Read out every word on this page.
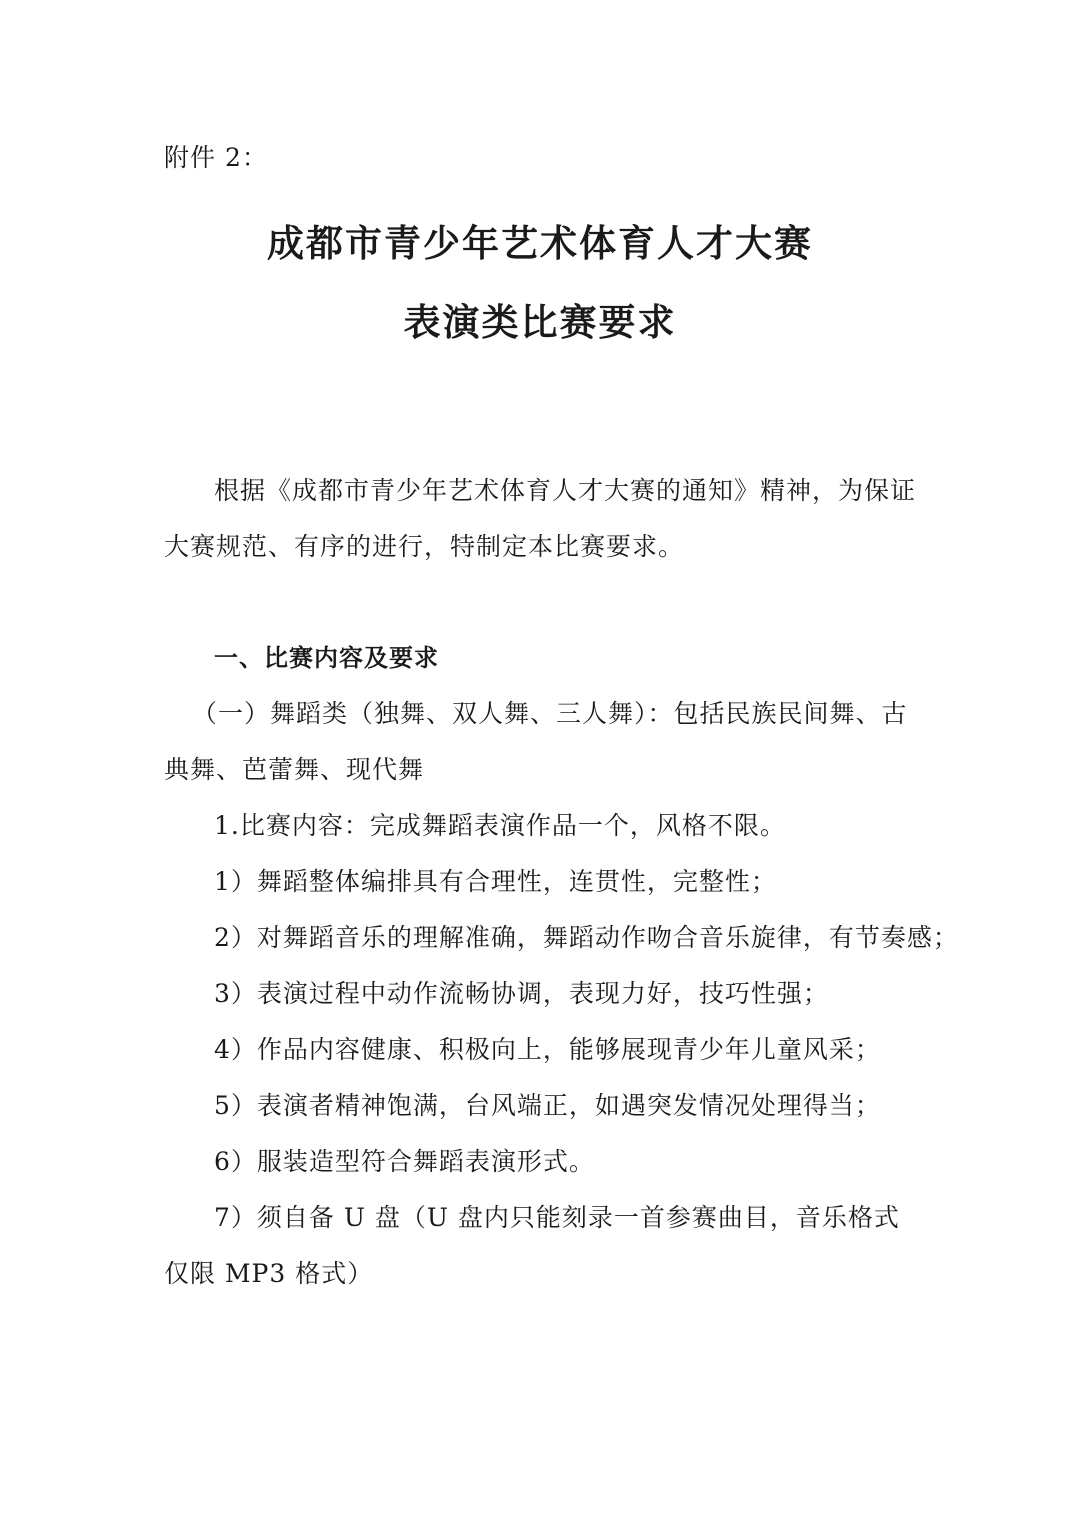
附件 2：
成都市青少年艺术体育人才大赛
表演类比赛要求

根据《成都市青少年艺术体育人才大赛的通知》精神，为保证大赛规范、有序的进行，特制定本比赛要求。

一、比赛内容及要求

（一）舞蹈类（独舞、双人舞、三人舞）：包括民族民间舞、古典舞、芭蕾舞、现代舞

1.比赛内容：完成舞蹈表演作品一个，风格不限。

1）舞蹈整体编排具有合理性，连贯性，完整性；

2）对舞蹈音乐的理解准确，舞蹈动作吻合音乐旋律，有节奏感；

3）表演过程中动作流畅协调，表现力好，技巧性强；

4）作品内容健康、积极向上，能够展现青少年儿童风采；

5）表演者精神饱满，台风端正，如遇突发情况处理得当；

6）服装造型符合舞蹈表演形式。

7）须自备 U 盘（U 盘内只能刻录一首参赛曲目，音乐格式仅限 MP3 格式）
